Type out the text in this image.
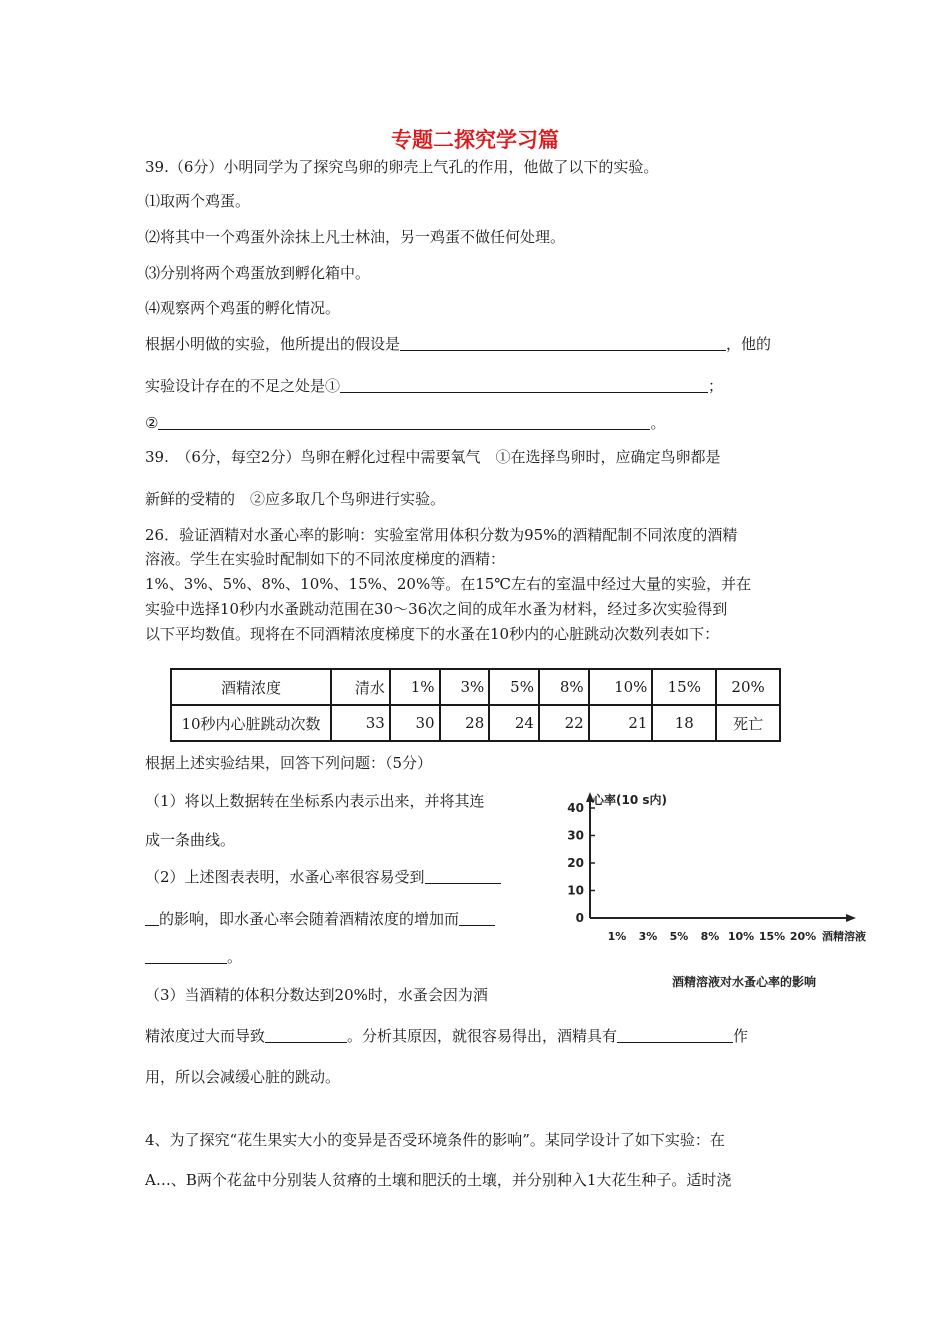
专题二探究学习篇
39.（6分）小明同学为了探究鸟卵的卵壳上气孔的作用，他做了以下的实验。
⑴取两个鸡蛋。
⑵将其中一个鸡蛋外涂抹上凡士林油，另一鸡蛋不做任何处理。
⑶分别将两个鸡蛋放到孵化箱中。
⑷观察两个鸡蛋的孵化情况。
根据小明做的实验，他所提出的假设是	，他的
实验设计存在的不足之处是①	；
②	。
39.　（6分，每空2分）鸟卵在孵化过程中需要氧气　①在选择鸟卵时，应确定鸟卵都是
新鲜的受精的　②应多取几个鸟卵进行实验。
26．验证酒精对水蚤心率的影响：实验室常用体积分数为95%的酒精配制不同浓度的酒精
溶液。学生在实验时配制如下的不同浓度梯度的酒精：
1%、3%、5%、8%、10%、15%、20%等。在15℃左右的室温中经过大量的实验，并在
实验中选择10秒内水蚤跳动范围在30～36次之间的成年水蚤为材料，经过多次实验得到
以下平均数值。现将在不同酒精浓度梯度下的水蚤在10秒内的心脏跳动次数列表如下：
酒精浓度	清水	1%	3%	5%	8%	10%	15%	20%
10秒内心脏跳动次数	33	30	28	24	22	21	18	死亡
根据上述实验结果，回答下列问题：（5分）
（1）将以上数据转在坐标系内表示出来，并将其连
成一条曲线。
（2）上述图表表明，水蚤心率很容易受到
的影响，即水蚤心率会随着酒精浓度的增加而
。
（3）当酒精的体积分数达到20%时，水蚤会因为酒
精浓度过大而导致	。分析其原因，就很容易得出，酒精具有	作
用，所以会减缓心脏的跳动。
0
10
20
30
40
心率(10 s内)
1% 3% 5% 8% 10% 15% 20% 酒精溶液
酒精溶液对水蚤心率的影响
4、为了探究“花生果实大小的变异是否受环境条件的影响”。某同学设计了如下实验：在
A…、B两个花盆中分别装人贫瘠的土壤和肥沃的土壤，并分别种入1大花生种子。适时浇
